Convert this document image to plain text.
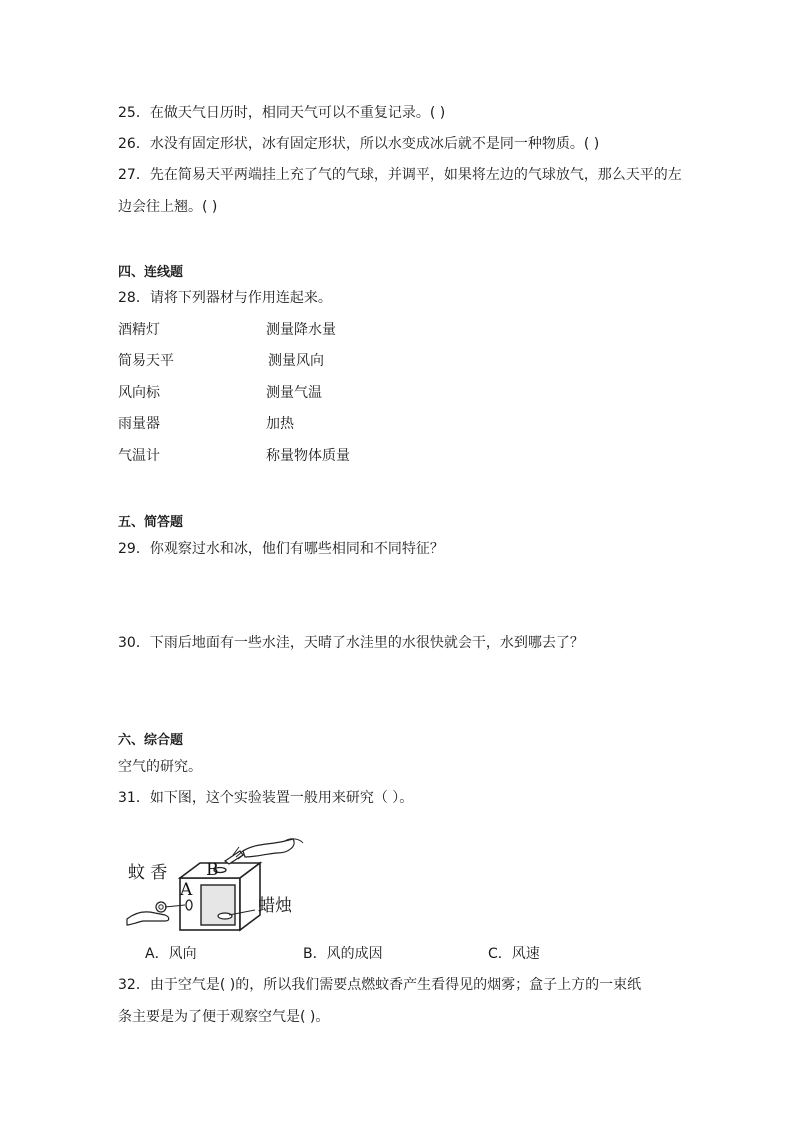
25．在做天气日历时，相同天气可以不重复记录。( )
26．水没有固定形状，冰有固定形状，所以水变成冰后就不是同一种物质。( )
27．先在简易天平两端挂上充了气的气球，并调平，如果将左边的气球放气，那么天平的左
边会往上翘。( )
四、连线题
28．请将下列器材与作用连起来。
酒精灯
简易天平
风向标
雨量器
气温计
测量降水量
测量风向
测量气温
加热
称量物体质量
五、简答题
29．你观察过水和冰，他们有哪些相同和不同特征？
30．下雨后地面有一些水洼，天晴了水洼里的水很快就会干，水到哪去了？
六、综合题
空气的研究。
31．如下图，这个实验装置一般用来研究（ ）。
蚊 香
A
B
蜡烛
A．风向	B．风的成因	C．风速
32．由于空气是( )的，所以我们需要点燃蚊香产生看得见的烟雾；盒子上方的一束纸
条主要是为了便于观察空气是( )。
